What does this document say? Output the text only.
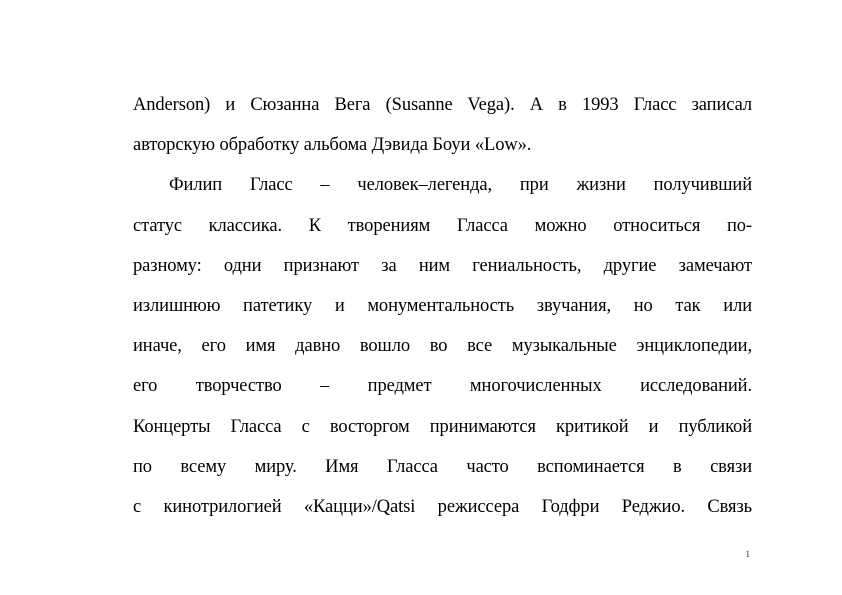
Anderson) и Сюзанна Вега (Susanne Vega). А в 1993 Гласс записал
авторскую обработку альбома Дэвида Боуи «Low».
Филип Гласс – человек–легенда, при жизни получивший
статус классика. К творениям Гласса можно относиться по-
разному: одни признают за ним гениальность, другие замечают
излишнюю патетику и монументальность звучания, но так или
иначе, его имя давно вошло во все музыкальные энциклопедии,
его творчество – предмет многочисленных исследований.
Концерты Гласса с восторгом принимаются критикой и публикой
по всему миру. Имя Гласса часто вспоминается в связи
с кинотрилогией «Кацци»/Qatsi режиссера Годфри Реджио. Связь
1
